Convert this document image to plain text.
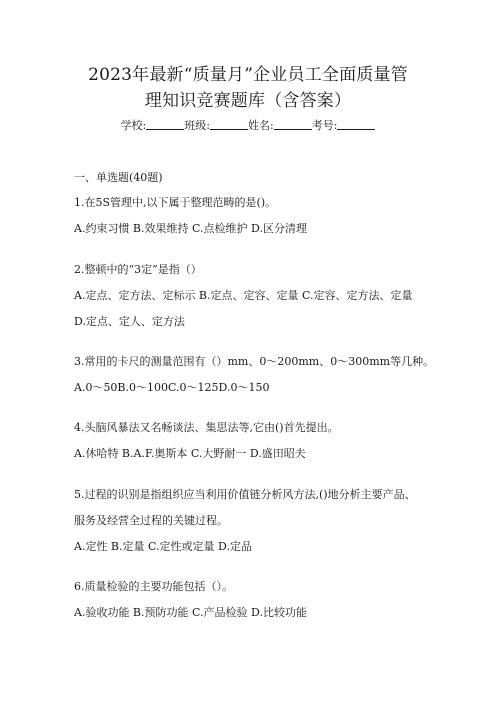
2023年最新“质量月”企业员工全面质量管
理知识竞赛题库（含答案）
学校:	班级:	姓名:	考号:
一、单选题(40题)
1.在5S管理中,以下属于整理范畴的是()。
A.约束习惯 B.效果维持 C.点检维护 D.区分清理
2.整顿中的“3定”是指（）
A.定点、定方法、定标示 B.定点、定容、定量 C.定容、定方法、定量
D.定点、定人、定方法
3.常用的卡尺的测量范围有（）mm、0～200mm、0～300mm等几种。
A.0～50B.0～100C.0～125D.0～150
4.头脑风暴法又名畅谈法、集思法等,它由()首先提出。
A.休哈特 B.A.F.奥斯本 C.大野耐一 D.盛田昭夫
5.过程的识别是指组织应当利用价值链分析风方法,()地分析主要产品、
服务及经营全过程的关键过程。
A.定性 B.定量 C.定性或定量 D.定品
6.质量检验的主要功能包括（）。
A.验收功能 B.预防功能 C.产品检验 D.比较功能
